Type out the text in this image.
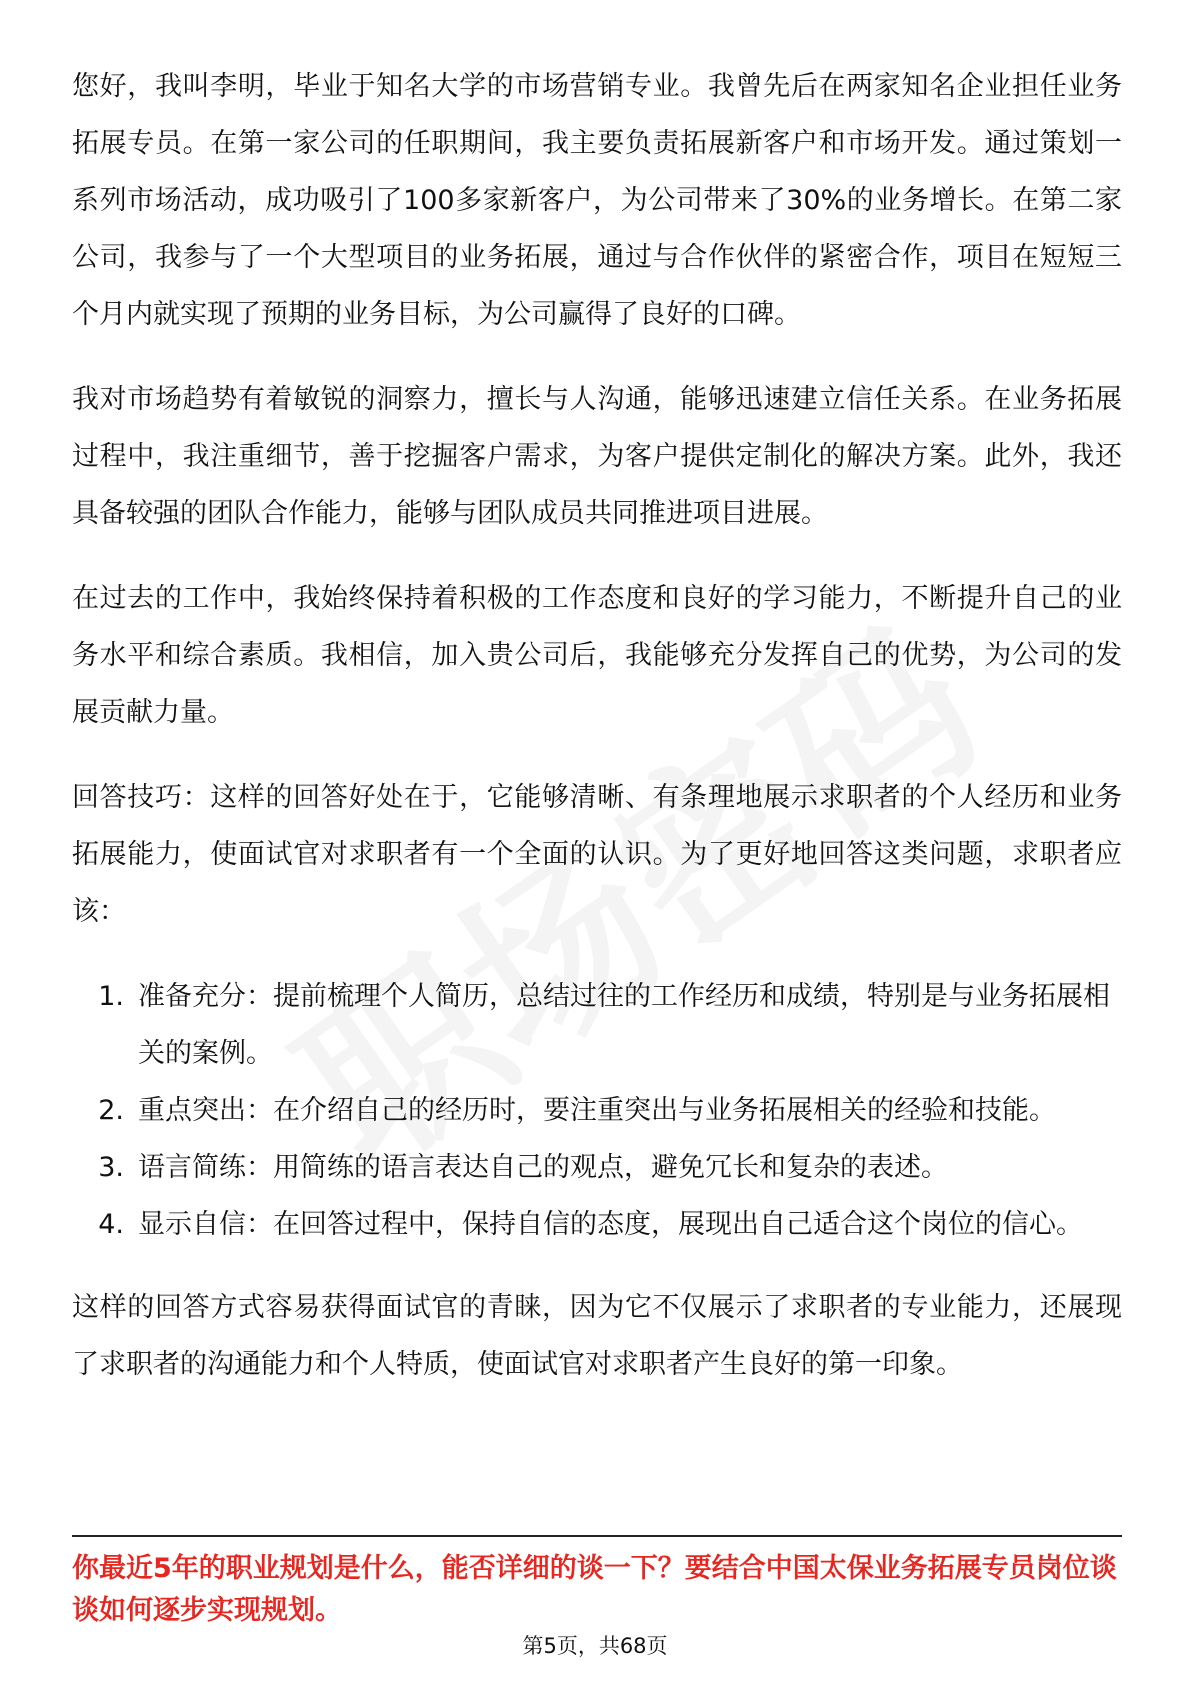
您好，我叫李明，毕业于知名大学的市场营销专业。我曾先后在两家知名企业担任业务拓展专员。在第一家公司的任职期间，我主要负责拓展新客户和市场开发。通过策划一系列市场活动，成功吸引了100多家新客户，为公司带来了30%的业务增长。在第二家公司，我参与了一个大型项目的业务拓展，通过与合作伙伴的紧密合作，项目在短短三个月内就实现了预期的业务目标，为公司赢得了良好的口碑。

我对市场趋势有着敏锐的洞察力，擅长与人沟通，能够迅速建立信任关系。在业务拓展过程中，我注重细节，善于挖掘客户需求，为客户提供定制化的解决方案。此外，我还具备较强的团队合作能力，能够与团队成员共同推进项目进展。

在过去的工作中，我始终保持着积极的工作态度和良好的学习能力，不断提升自己的业务水平和综合素质。我相信，加入贵公司后，我能够充分发挥自己的优势，为公司的发展贡献力量。

回答技巧：这样的回答好处在于，它能够清晰、有条理地展示求职者的个人经历和业务拓展能力，使面试官对求职者有一个全面的认识。为了更好地回答这类问题，求职者应该：

1. 准备充分：提前梳理个人简历，总结过往的工作经历和成绩，特别是与业务拓展相关的案例。
2. 重点突出：在介绍自己的经历时，要注重突出与业务拓展相关的经验和技能。
3. 语言简练：用简练的语言表达自己的观点，避免冗长和复杂的表述。
4. 显示自信：在回答过程中，保持自信的态度，展现出自己适合这个岗位的信心。

这样的回答方式容易获得面试官的青睐，因为它不仅展示了求职者的专业能力，还展现了求职者的沟通能力和个人特质，使面试官对求职者产生良好的第一印象。

你最近5年的职业规划是什么，能否详细的谈一下？要结合中国太保业务拓展专员岗位谈谈如何逐步实现规划。
第5页，共68页
